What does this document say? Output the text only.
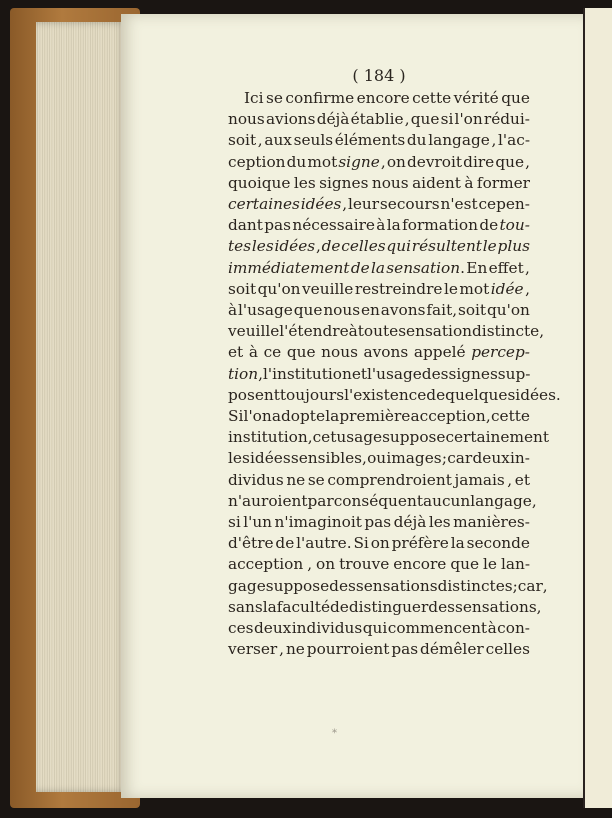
( 184 )
Ici se confirme encore cette vérité que
nous avions déjà établie , que si l'on rédui-
soit , aux seuls éléments du langage , l'ac-
ception du mot signe , on devroit dire que ,
quoique les signes nous aident à former
certaines idées , leur secours n'est cepen-
dant pas nécessaire à la formation de tou-
tes les idées , de celles qui résultent le plus
immédiatement de la sensation. En effet ,
soit qu'on veuille restreindre le mot idée ,
à l'usage que nous en avons fait, soit qu'on
veuille l'étendre à toute sensation distincte,
et à ce que nous avons appelé percep-
tion , l'institution et l'usage des signes sup-
posent toujours l'existence de quelques idées.
Si l'on adopte la première acception , cette
institution , cet usage suppose certainement
les idées sensibles, ou images ; car deux in-
dividus ne se comprendroient jamais , et
n'auroient par conséquent aucun langage ,
si l'un n'imaginoit pas déjà les manières-
d'être de l'autre. Si on préfère la seconde
acception , on trouve encore que le lan-
gage suppose des sensations distinctes ; car ,
sans la faculté de distinguer des sensations,
ces deux individus qui commencent à con-
verser , ne pourroient pas démêler celles
*
